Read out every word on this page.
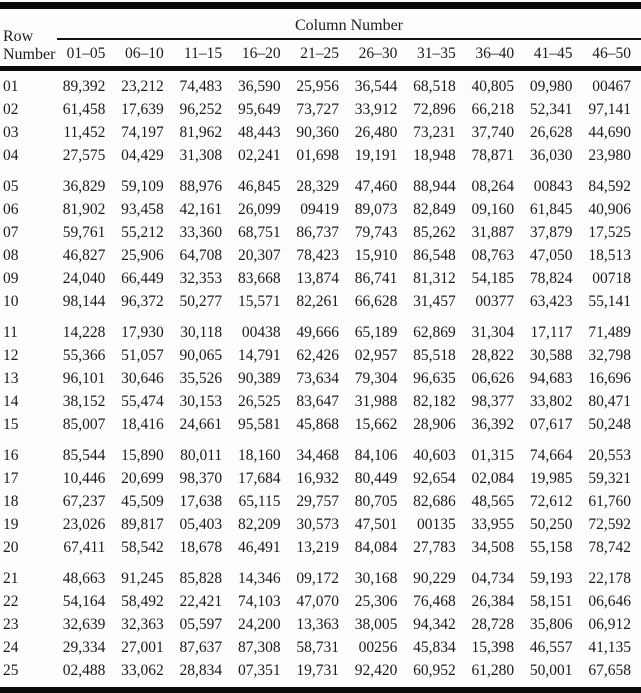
Row
Number	Column Number									
	01–05	06–10	11–15	16–20	21–25	26–30	31–35	36–40	41–45	46–50
01	89,392	23,212	74,483	36,590	25,956	36,544	68,518	40,805	09,980	00467
02	61,458	17,639	96,252	95,649	73,727	33,912	72,896	66,218	52,341	97,141
03	11,452	74,197	81,962	48,443	90,360	26,480	73,231	37,740	26,628	44,690
04	27,575	04,429	31,308	02,241	01,698	19,191	18,948	78,871	36,030	23,980
05	36,829	59,109	88,976	46,845	28,329	47,460	88,944	08,264	00843	84,592
06	81,902	93,458	42,161	26,099	09419	89,073	82,849	09,160	61,845	40,906
07	59,761	55,212	33,360	68,751	86,737	79,743	85,262	31,887	37,879	17,525
08	46,827	25,906	64,708	20,307	78,423	15,910	86,548	08,763	47,050	18,513
09	24,040	66,449	32,353	83,668	13,874	86,741	81,312	54,185	78,824	00718
10	98,144	96,372	50,277	15,571	82,261	66,628	31,457	00377	63,423	55,141
11	14,228	17,930	30,118	00438	49,666	65,189	62,869	31,304	17,117	71,489
12	55,366	51,057	90,065	14,791	62,426	02,957	85,518	28,822	30,588	32,798
13	96,101	30,646	35,526	90,389	73,634	79,304	96,635	06,626	94,683	16,696
14	38,152	55,474	30,153	26,525	83,647	31,988	82,182	98,377	33,802	80,471
15	85,007	18,416	24,661	95,581	45,868	15,662	28,906	36,392	07,617	50,248
16	85,544	15,890	80,011	18,160	34,468	84,106	40,603	01,315	74,664	20,553
17	10,446	20,699	98,370	17,684	16,932	80,449	92,654	02,084	19,985	59,321
18	67,237	45,509	17,638	65,115	29,757	80,705	82,686	48,565	72,612	61,760
19	23,026	89,817	05,403	82,209	30,573	47,501	00135	33,955	50,250	72,592
20	67,411	58,542	18,678	46,491	13,219	84,084	27,783	34,508	55,158	78,742
21	48,663	91,245	85,828	14,346	09,172	30,168	90,229	04,734	59,193	22,178
22	54,164	58,492	22,421	74,103	47,070	25,306	76,468	26,384	58,151	06,646
23	32,639	32,363	05,597	24,200	13,363	38,005	94,342	28,728	35,806	06,912
24	29,334	27,001	87,637	87,308	58,731	00256	45,834	15,398	46,557	41,135
25	02,488	33,062	28,834	07,351	19,731	92,420	60,952	61,280	50,001	67,658
